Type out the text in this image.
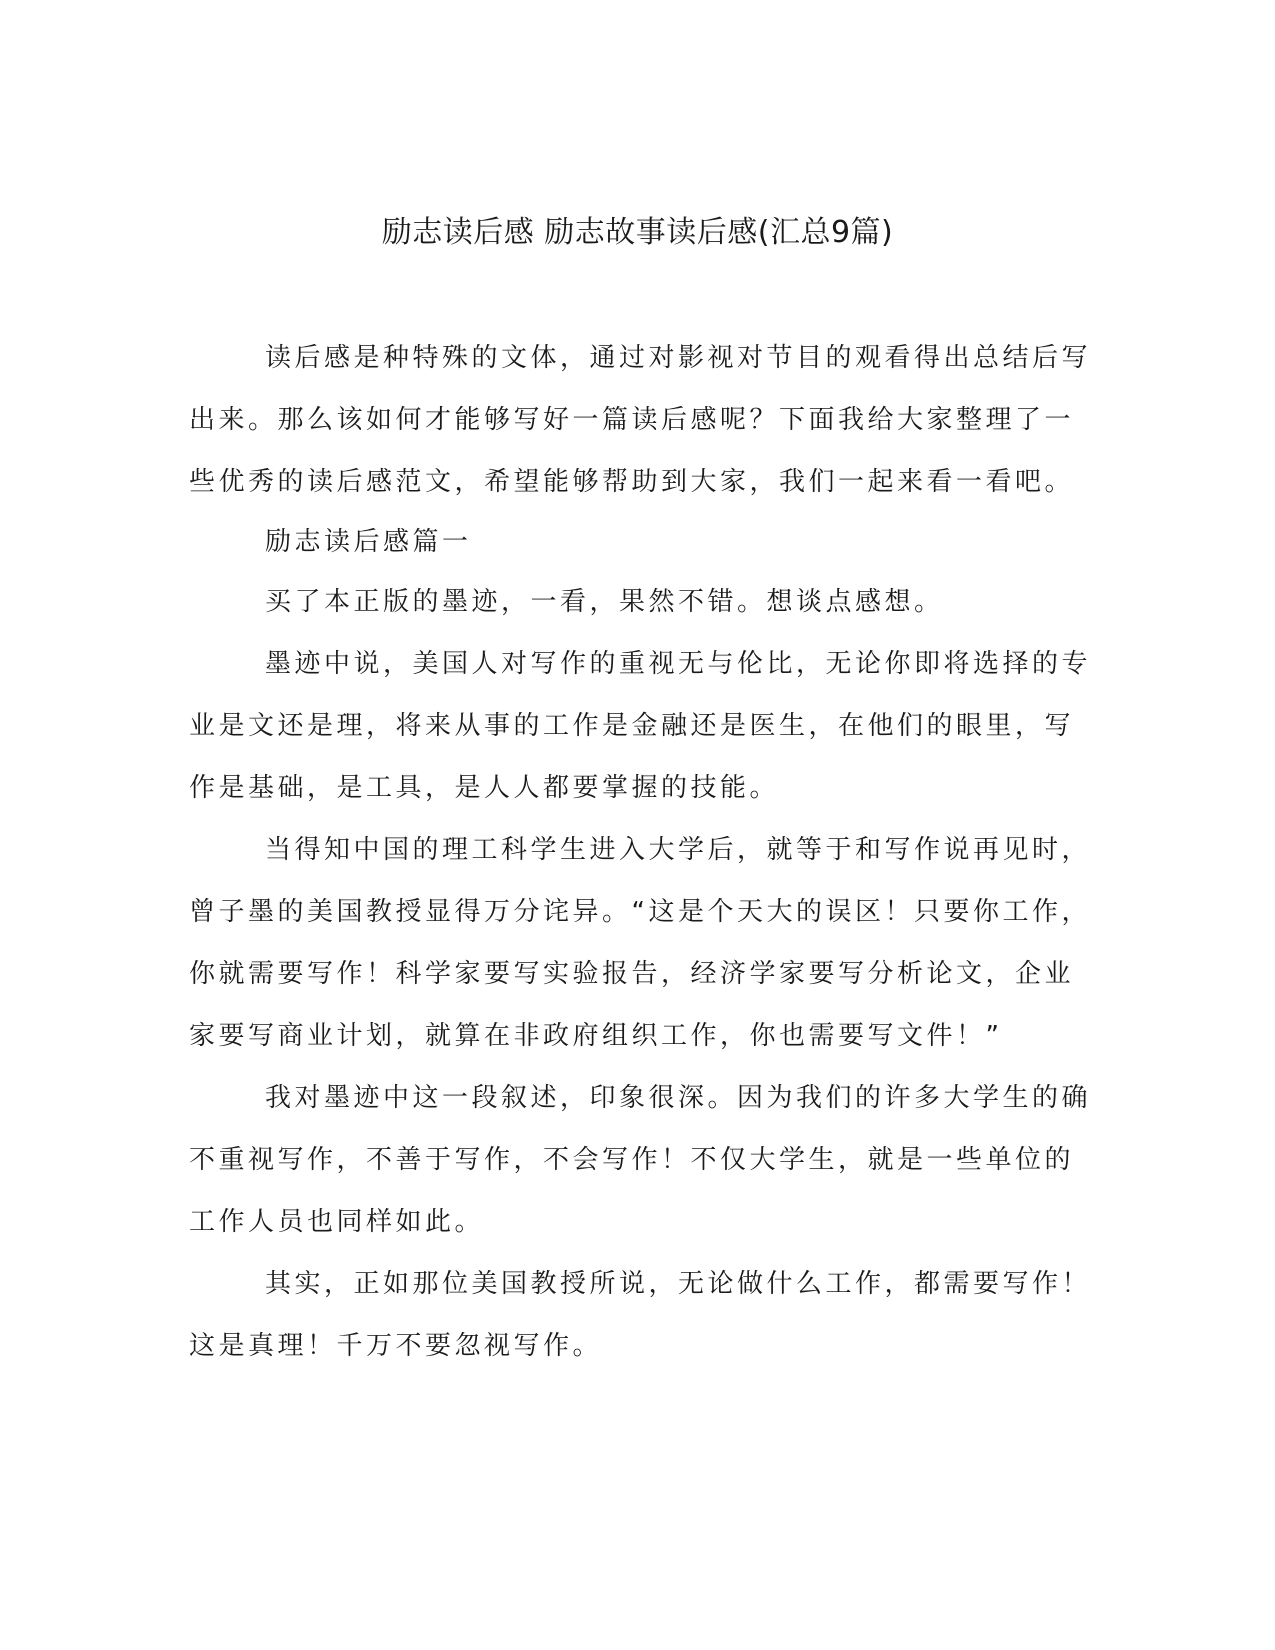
励志读后感 励志故事读后感(汇总9篇)

读后感是种特殊的文体，通过对影视对节目的观看得出总结后写
出来。那么该如何才能够写好一篇读后感呢？下面我给大家整理了一
些优秀的读后感范文，希望能够帮助到大家，我们一起来看一看吧。

励志读后感篇一

买了本正版的墨迹，一看，果然不错。想谈点感想。

墨迹中说，美国人对写作的重视无与伦比，无论你即将选择的专
业是文还是理，将来从事的工作是金融还是医生，在他们的眼里，写
作是基础，是工具，是人人都要掌握的技能。

当得知中国的理工科学生进入大学后，就等于和写作说再见时，
曾子墨的美国教授显得万分诧异。“这是个天大的误区！只要你工作，
你就需要写作！科学家要写实验报告，经济学家要写分析论文，企业
家要写商业计划，就算在非政府组织工作，你也需要写文件！”

我对墨迹中这一段叙述，印象很深。因为我们的许多大学生的确
不重视写作，不善于写作，不会写作！不仅大学生，就是一些单位的
工作人员也同样如此。

其实，正如那位美国教授所说，无论做什么工作，都需要写作！
这是真理！千万不要忽视写作。
